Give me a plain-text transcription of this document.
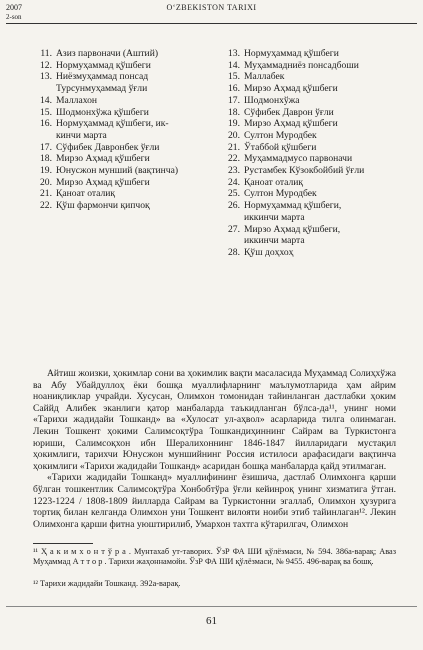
2007	O‘ZBEKISTON TARIXI
2-son
11. Азиз парвоначи (Аштий)
12. Нормуҳаммад қўшбеги
13. Ниёзмуҳаммад понсад
Турсунмуҳаммад ўғли
14. Маллахон
15. Шодмонхўжа қўшбеги
16. Нормуҳаммад қўшбеги, ик-
кинчи марта
17. Сўфибек Давронбек ўғли
18. Мирзо Аҳмад қўшбеги
19. Юнусжон мунший (вақтинча)
20. Мирзо Аҳмад қўшбеги
21. Қаноат оталиқ
22. Қўш фармончи қипчоқ
13. Нормуҳаммад қўшбеги
14. Муҳаммадниёз понсадбоши
15. Маллабек
16. Мирзо Аҳмад қўшбеги
17. Шодмонхўжа
18. Сўфибек Даврон ўғли
19. Мирзо Аҳмад қўшбеги
20. Султон Муродбек
21. Ўтаббой қўшбеги
22. Муҳаммадмусо парвоначи
23. Рустамбек Кўзокбойбий ўғли
24. Қаноат оталиқ
25. Султон Муродбек
26. Нормуҳаммад қўшбеги,
иккинчи марта
27. Мирзо Аҳмад қўшбеги,
иккинчи марта
28. Қўш доҳхоҳ

Айтиш жоизки, ҳокимлар сони ва ҳокимлик вақти масаласида Муҳаммад Солиҳхўжа ва Абу Убайдуллоҳ ёки бошқа муаллифларнинг маълумотларида ҳам айрим ноаниқликлар учрайди. Хусусан, Олимхон томонидан тайинланган дастлабки ҳоким Саййд Алибек эканлиги қатор манбаларда таъкидланган бўлса-да¹¹, унинг номи «Тарихи жадидайи Тошканд» ва «Хулосат ул-аҳвол» асарларида тилга олинмаган. Лекин Тошкент ҳокими Салимсоқтўра Тошкандиҳиннинг Сайрам ва Туркистонга юриши, Салимсоқхон ибн Шералихоннинг 1846-1847 йилларидаги мустақил ҳокимлиги, тарихчи Юнусжон муншийнинг Россия истилоси арафасидаги вақтинча ҳокимлиги «Тарихи жадидайи Тошканд» асаридан бошқа манбаларда қайд этилмаган.

«Тарихи жадидайи Тошканд» муаллифининг ёзишича, дастлаб Олимхонга қарши бўлган тошкентлик Салимсоқтўра Хонбобтўра ўғли кейинроқ унинг хизматига ўтган. 1223-1224 / 1808-1809 йилларда Сайрам ва Туркистонни эгаллаб, Олимхон ҳузурига тортиқ билан келганда Олимхон уни Тошкент вилояти ноиби этиб тайинлаган¹². Лекин Олимхонга қарши фитна уюштирилиб, Умархон тахтга кўтарилгач, Олимхон

¹¹ Ҳ а к и м х о н т ў р а . Мунтахаб ут-таворих. ЎзР ФА ШИ қўлёзмаси, № 594. 386а-варақ; Аваз Муҳаммад А т т о р . Тарихи жаҳоннамойи. ЎзР ФА ШИ қўлёзмаси, № 9455. 496-варақ ва бошқ.
¹² Тарихи жадидайи Тошканд. 392а-варақ.
61
